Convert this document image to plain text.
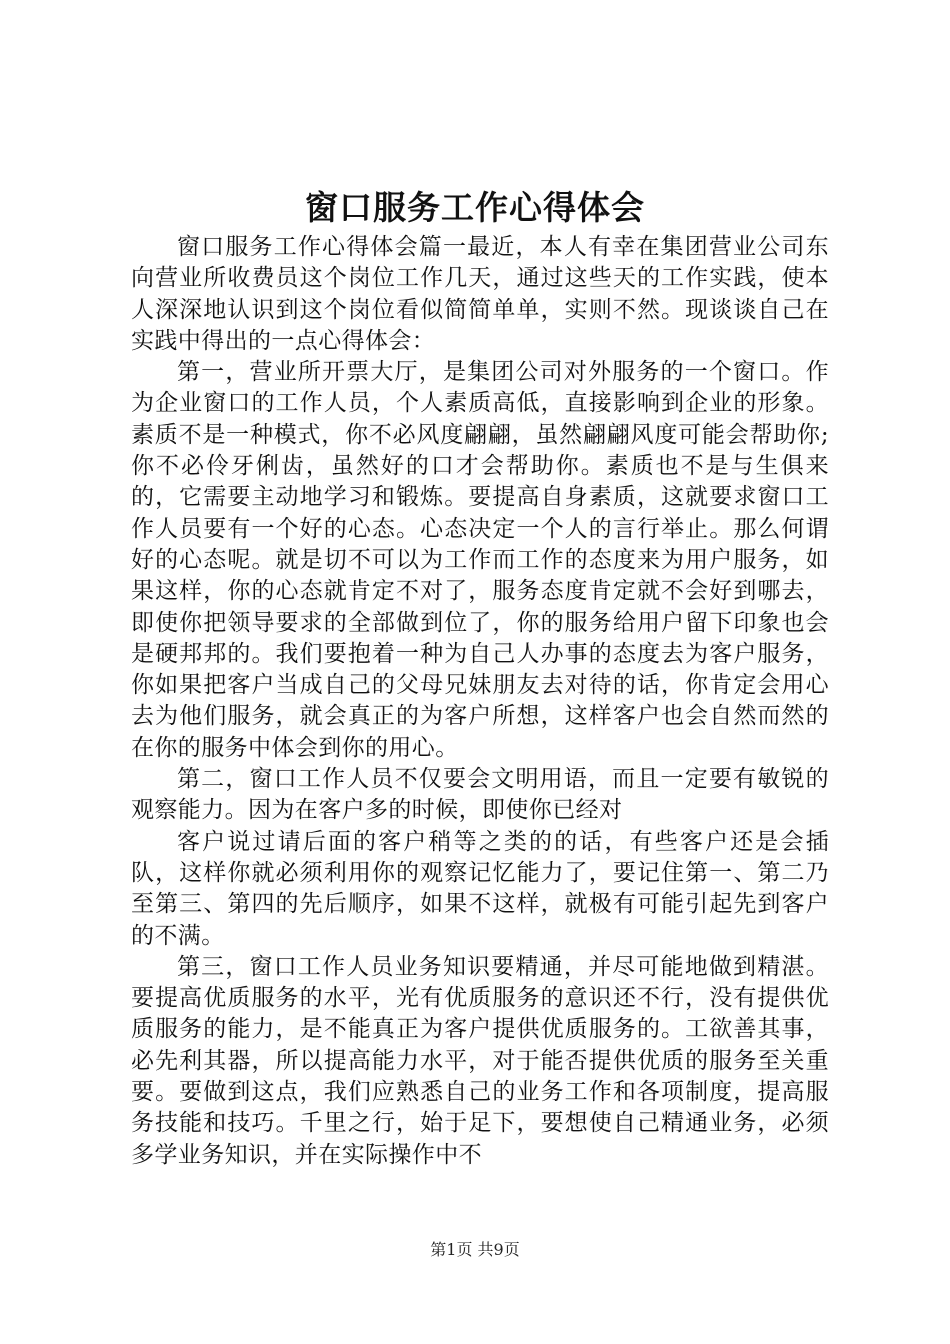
窗口服务工作心得体会

窗口服务工作心得体会篇一最近，本人有幸在集团营业公司东向营业所收费员这个岗位工作几天，通过这些天的工作实践，使本人深深地认识到这个岗位看似简简单单，实则不然。现谈谈自己在实践中得出的一点心得体会：

第一，营业所开票大厅，是集团公司对外服务的一个窗口。作为企业窗口的工作人员，个人素质高低，直接影响到企业的形象。素质不是一种模式，你不必风度翩翩，虽然翩翩风度可能会帮助你;你不必伶牙俐齿，虽然好的口才会帮助你。素质也不是与生俱来的，它需要主动地学习和锻炼。要提高自身素质，这就要求窗口工作人员要有一个好的心态。心态决定一个人的言行举止。那么何谓好的心态呢。就是切不可以为工作而工作的态度来为用户服务，如果这样，你的心态就肯定不对了，服务态度肯定就不会好到哪去，即使你把领导要求的全部做到位了，你的服务给用户留下印象也会是硬邦邦的。我们要抱着一种为自己人办事的态度去为客户服务，你如果把客户当成自己的父母兄妹朋友去对待的话，你肯定会用心去为他们服务，就会真正的为客户所想，这样客户也会自然而然的在你的服务中体会到你的用心。

第二，窗口工作人员不仅要会文明用语，而且一定要有敏锐的观察能力。因为在客户多的时候，即使你已经对

客户说过请后面的客户稍等之类的的话，有些客户还是会插队，这样你就必须利用你的观察记忆能力了，要记住第一、第二乃至第三、第四的先后顺序，如果不这样，就极有可能引起先到客户的不满。

第三，窗口工作人员业务知识要精通，并尽可能地做到精湛。要提高优质服务的水平，光有优质服务的意识还不行，没有提供优质服务的能力，是不能真正为客户提供优质服务的。工欲善其事，必先利其器，所以提高能力水平，对于能否提供优质的服务至关重要。要做到这点，我们应熟悉自己的业务工作和各项制度，提高服务技能和技巧。千里之行，始于足下，要想使自己精通业务，必须多学业务知识，并在实际操作中不

第1页 共9页
